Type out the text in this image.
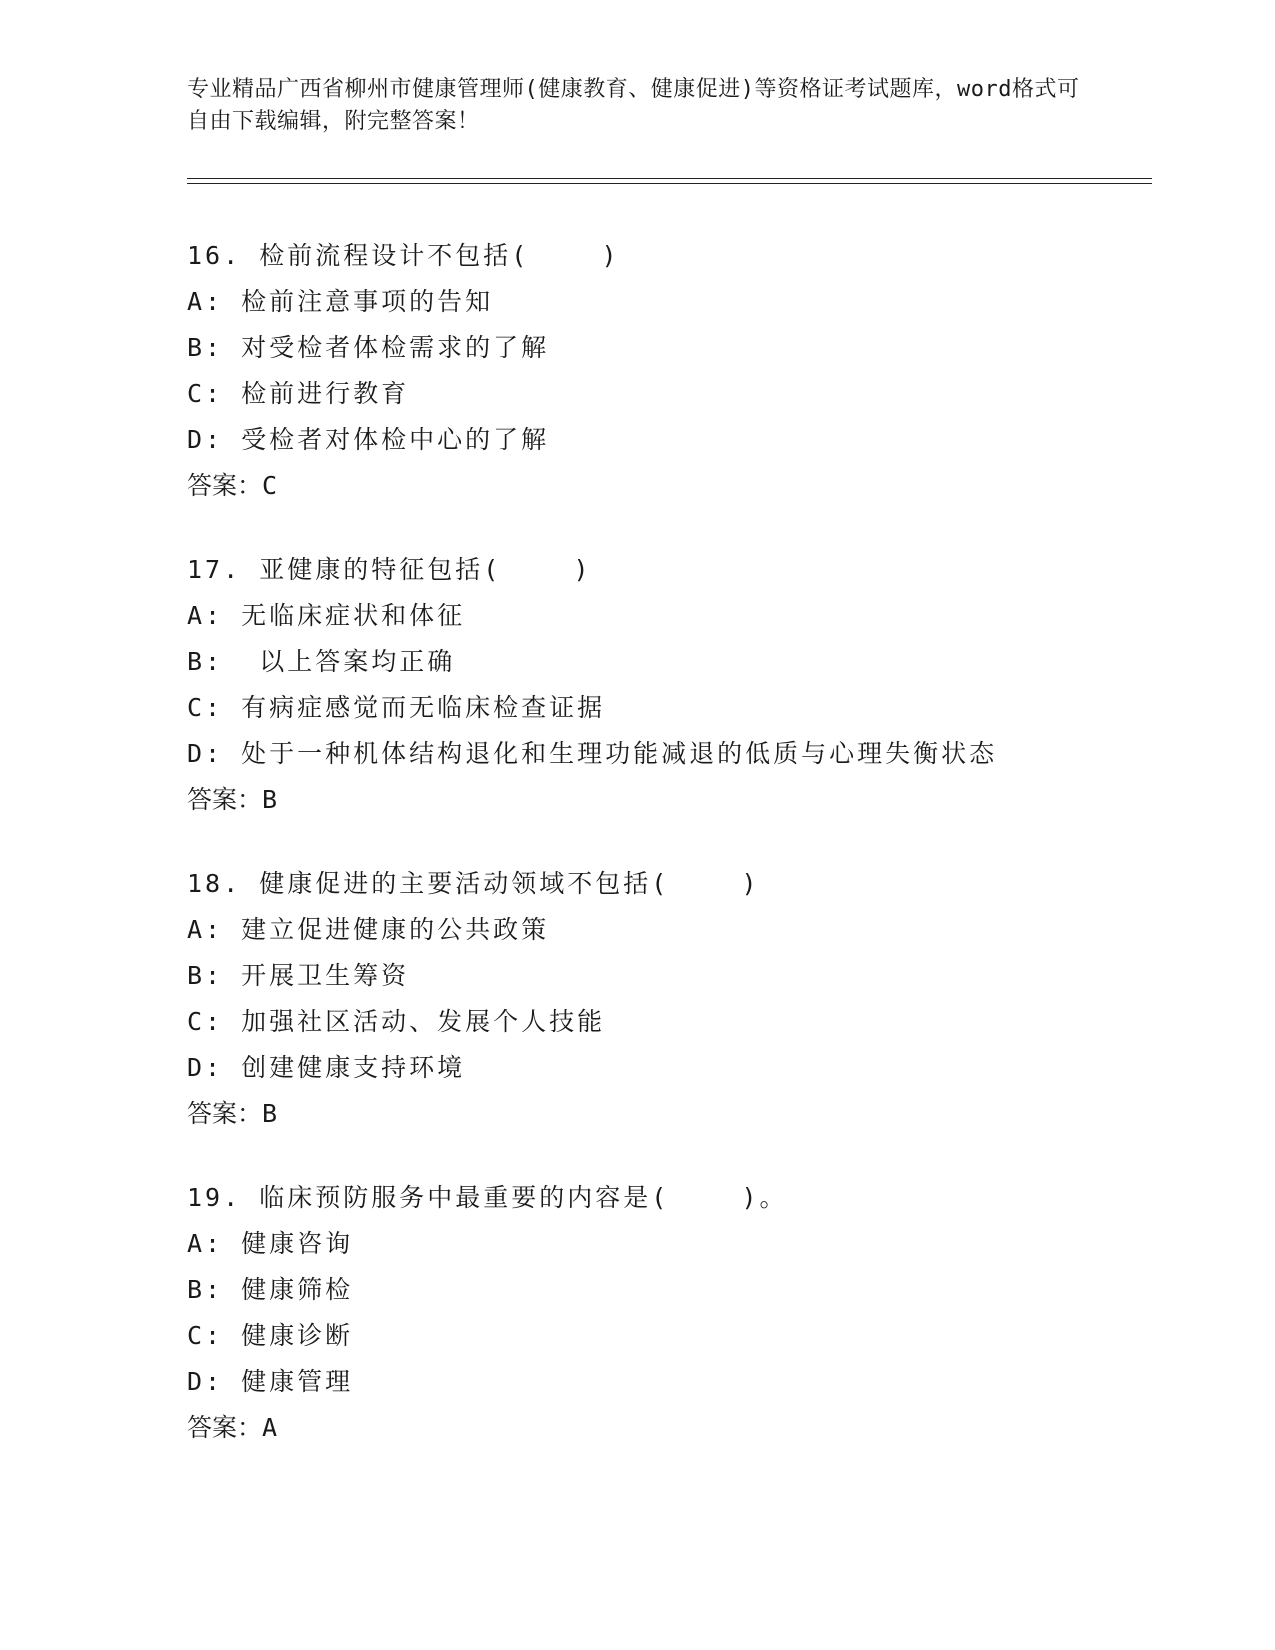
专业精品广西省柳州市健康管理师(健康教育、健康促进)等资格证考试题库，word格式可自由下载编辑，附完整答案！
16. 检前流程设计不包括(    )
A: 检前注意事项的告知
B: 对受检者体检需求的了解
C: 检前进行教育
D: 受检者对体检中心的了解
答案：C
17. 亚健康的特征包括(    )
A: 无临床症状和体征
B:  以上答案均正确
C: 有病症感觉而无临床检查证据
D: 处于一种机体结构退化和生理功能减退的低质与心理失衡状态
答案：B
18. 健康促进的主要活动领域不包括(    )
A: 建立促进健康的公共政策
B: 开展卫生筹资
C: 加强社区活动、发展个人技能
D: 创建健康支持环境
答案：B
19. 临床预防服务中最重要的内容是(    )。
A: 健康咨询
B: 健康筛检
C: 健康诊断
D: 健康管理
答案：A
